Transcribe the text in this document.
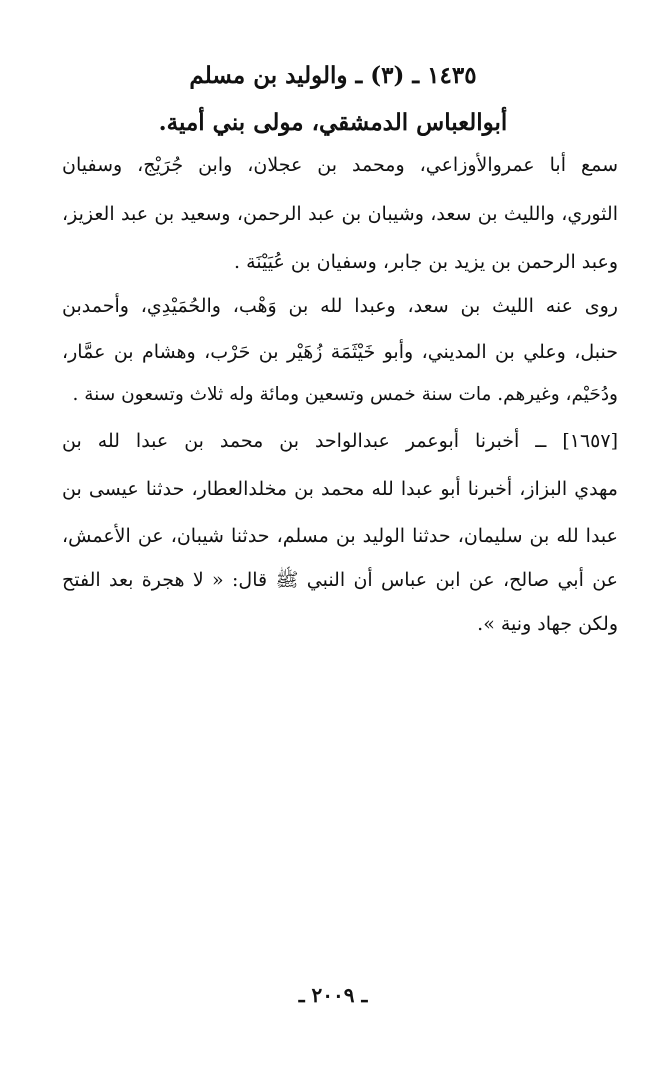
١٤٣٥ ـ (٣) ـ والوليد بن مسلم
أبوالعباس الدمشقي، مولى بني أمية.
سمع أبا عمروالأوزاعي، ومحمد بن عجلان، وابن جُرَيْج، وسفيان
الثوري، والليث بن سعد، وشيبان بن عبد الرحمن، وسعيد بن عبد العزيز،
وعبد الرحمن بن يزيد بن جابر، وسفيان بن عُيَيْنَة .
روى عنه الليث بن سعد، وعبدا لله بن وَهْب، والحُمَيْدِي، وأحمدبن
حنبل، وعلي بن المديني، وأبو خَيْثَمَة زُهَيْر بن حَرْب، وهشام بن عمَّار،
ودُحَيْم، وغيرهم. مات سنة خمس وتسعين ومائة وله ثلاث وتسعون سنة .
[١٦٥٧] ــ أخبرنا أبوعمر عبدالواحد بن محمد بن عبدا لله بن
مهدي البزاز، أخبرنا أبو عبدا لله محمد بن مخلدالعطار، حدثنا عيسى بن
عبدا لله بن سليمان، حدثنا الوليد بن مسلم، حدثنا شيبان، عن الأعمش،
عن أبي صالح، عن ابن عباس أن النبي ﷺ قال: « لا هجرة بعد الفتح
ولكن جهاد ونية ».
ـ ٢٠٠٩ ـ
